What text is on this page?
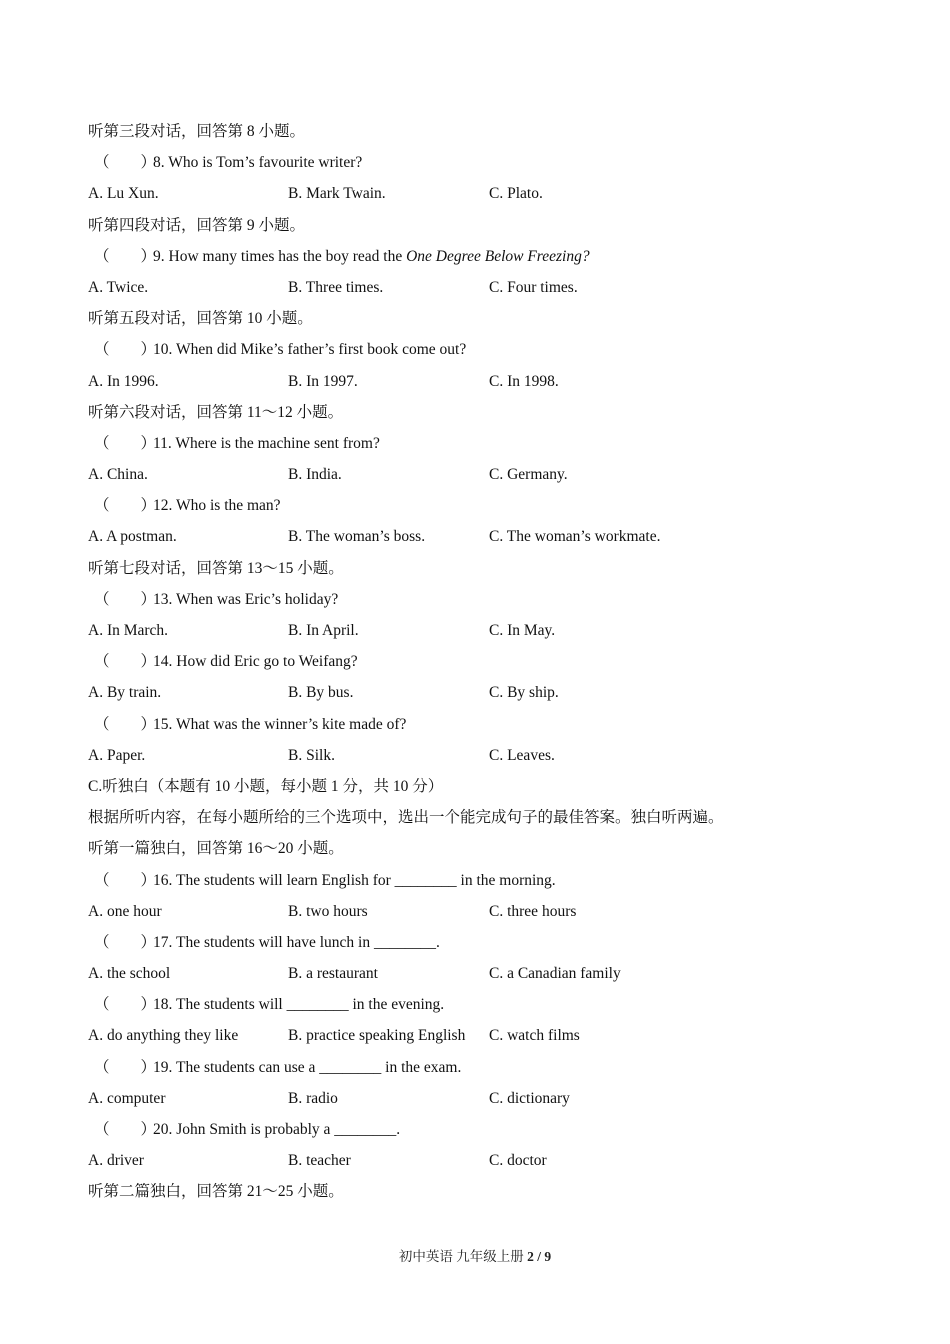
听第三段对话，回答第 8 小题。
（　　）8. Who is Tom’s favourite writer?
A. Lu Xun.	B. Mark Twain.	C. Plato.
听第四段对话，回答第 9 小题。
（　　）9. How many times has the boy read the One Degree Below Freezing?
A. Twice.	B. Three times.	C. Four times.
听第五段对话，回答第 10 小题。
（　　）10. When did Mike’s father’s first book come out?
A. In 1996.	B. In 1997.	C. In 1998.
听第六段对话，回答第 11～12 小题。
（　　）11. Where is the machine sent from?
A. China.	B. India.	C. Germany.
（　　）12. Who is the man?
A. A postman.	B. The woman’s boss.	C. The woman’s workmate.
听第七段对话，回答第 13～15 小题。
（　　）13. When was Eric’s holiday?
A. In March.	B. In April.	C. In May.
（　　）14. How did Eric go to Weifang?
A. By train.	B. By bus.	C. By ship.
（　　）15. What was the winner’s kite made of?
A. Paper.	B. Silk.	C. Leaves.
C.听独白（本题有 10 小题，每小题 1 分，共 10 分）
根据所听内容，在每小题所给的三个选项中，选出一个能完成句子的最佳答案。独白听两遍。
听第一篇独白，回答第 16～20 小题。
（　　）16. The students will learn English for ________ in the morning.
A. one hour	B. two hours	C. three hours
（　　）17. The students will have lunch in ________.
A. the school	B. a restaurant	C. a Canadian family
（　　）18. The students will ________ in the evening.
A. do anything they like	B. practice speaking English C. watch films
（　　）19. The students can use a ________ in the exam.
A. computer	B. radio	C. dictionary
（　　）20. John Smith is probably a ________.
A. driver	B. teacher	C. doctor
听第二篇独白，回答第 21～25 小题。
初中英语 九年级上册 2 / 9
